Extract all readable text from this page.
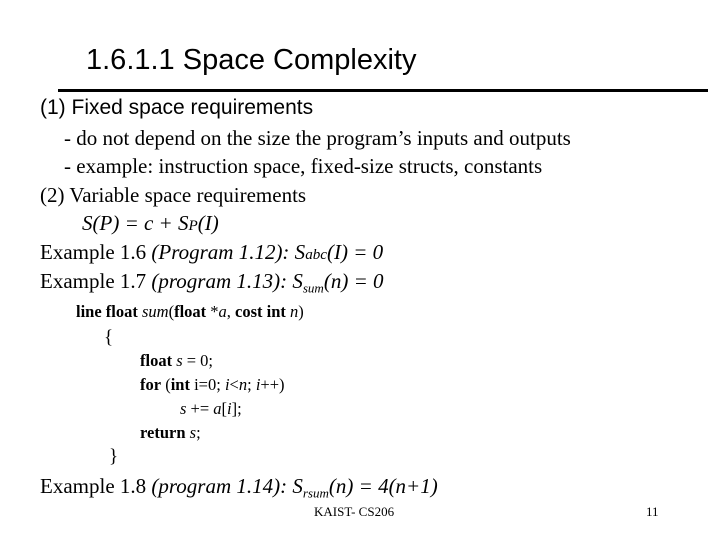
1.6.1.1 Space Complexity
(1) Fixed space requirements
- do not depend on the size the program’s inputs and outputs
- example: instruction space, fixed-size structs, constants
(2) Variable space requirements
S(P) = c + SP(I)
Example 1.6 (Program 1.12): Sabc(I) = 0
Example 1.7 (program 1.13): $S_{sum}(n) = 0$
line float sum(float *a, cost int n)
{
float s = 0;
for (int i=0; i<n; i++)
s += a[i];
return s;
}
Example 1.8 (program 1.14): $S_{rsum}(n) = 4(n+1)$
KAIST- CS206	11
